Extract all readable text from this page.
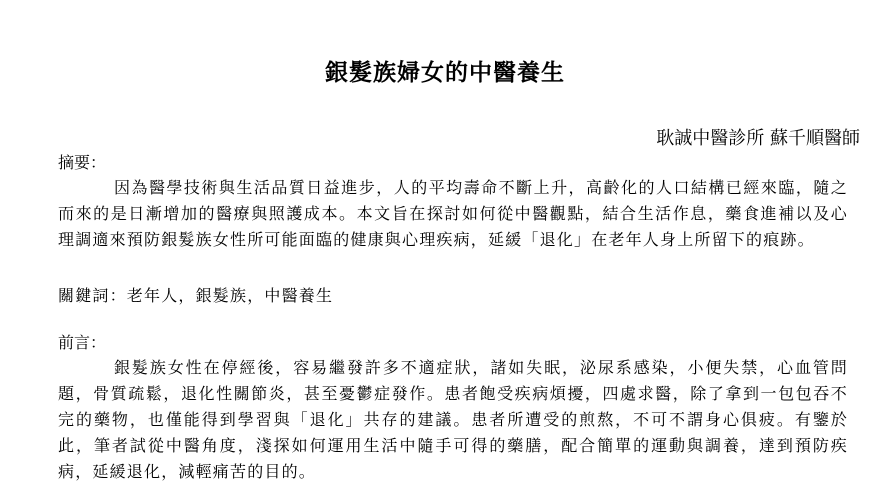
銀髮族婦女的中醫養生
耿誠中醫診所 蘇千順醫師
摘要：
因為醫學技術與生活品質日益進步，人的平均壽命不斷上升，高齡化的人口結構已經來臨，隨之而來的是日漸增加的醫療與照護成本。本文旨在探討如何從中醫觀點，結合生活作息，藥食進補以及心理調適來預防銀髮族女性所可能面臨的健康與心理疾病，延緩「退化」在老年人身上所留下的痕跡。
關鍵詞：老年人，銀髮族，中醫養生
前言：
銀髮族女性在停經後，容易繼發許多不適症狀，諸如失眠，泌尿系感染，小便失禁，心血管問題，骨質疏鬆，退化性關節炎，甚至憂鬱症發作。患者飽受疾病煩擾，四處求醫，除了拿到一包包吞不完的藥物，也僅能得到學習與「退化」共存的建議。患者所遭受的煎熬，不可不謂身心俱疲。有鑒於此，筆者試從中醫角度，淺探如何運用生活中隨手可得的藥膳，配合簡單的運動與調養，達到預防疾病，延緩退化，減輕痛苦的目的。
